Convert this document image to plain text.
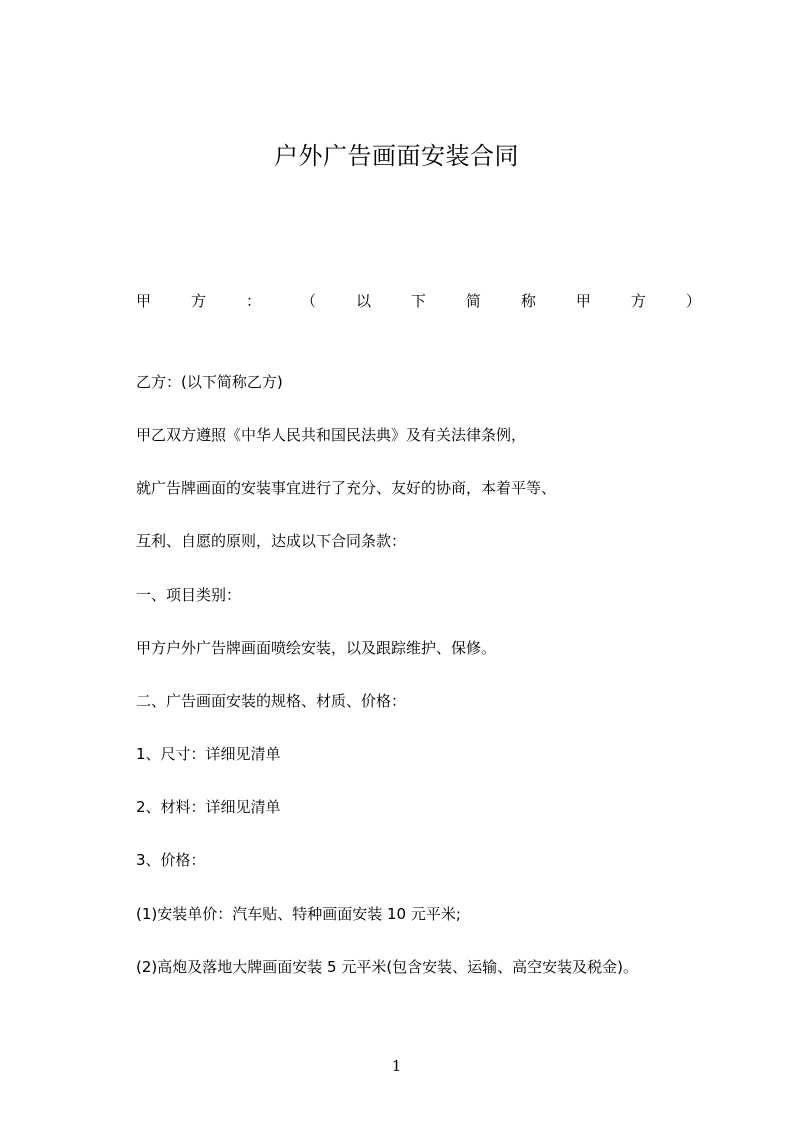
户外广告画面安装合同
甲	方	：	（	以	下	简	称	甲	方	）
乙方：(以下简称乙方)
甲乙双方遵照《中华人民共和国民法典》及有关法律条例，
就广告牌画面的安装事宜进行了充分、友好的协商，本着平等、
互利、自愿的原则，达成以下合同条款：
一、项目类别：
甲方户外广告牌画面喷绘安装，以及跟踪维护、保修。
二、广告画面安装的规格、材质、价格：
1、尺寸：详细见清单
2、材料：详细见清单
3、价格：
(1)安装单价：汽车贴、特种画面安装 10 元平米;
(2)高炮及落地大牌画面安装 5 元平米(包含安装、运输、高空安装及税金)。
1
